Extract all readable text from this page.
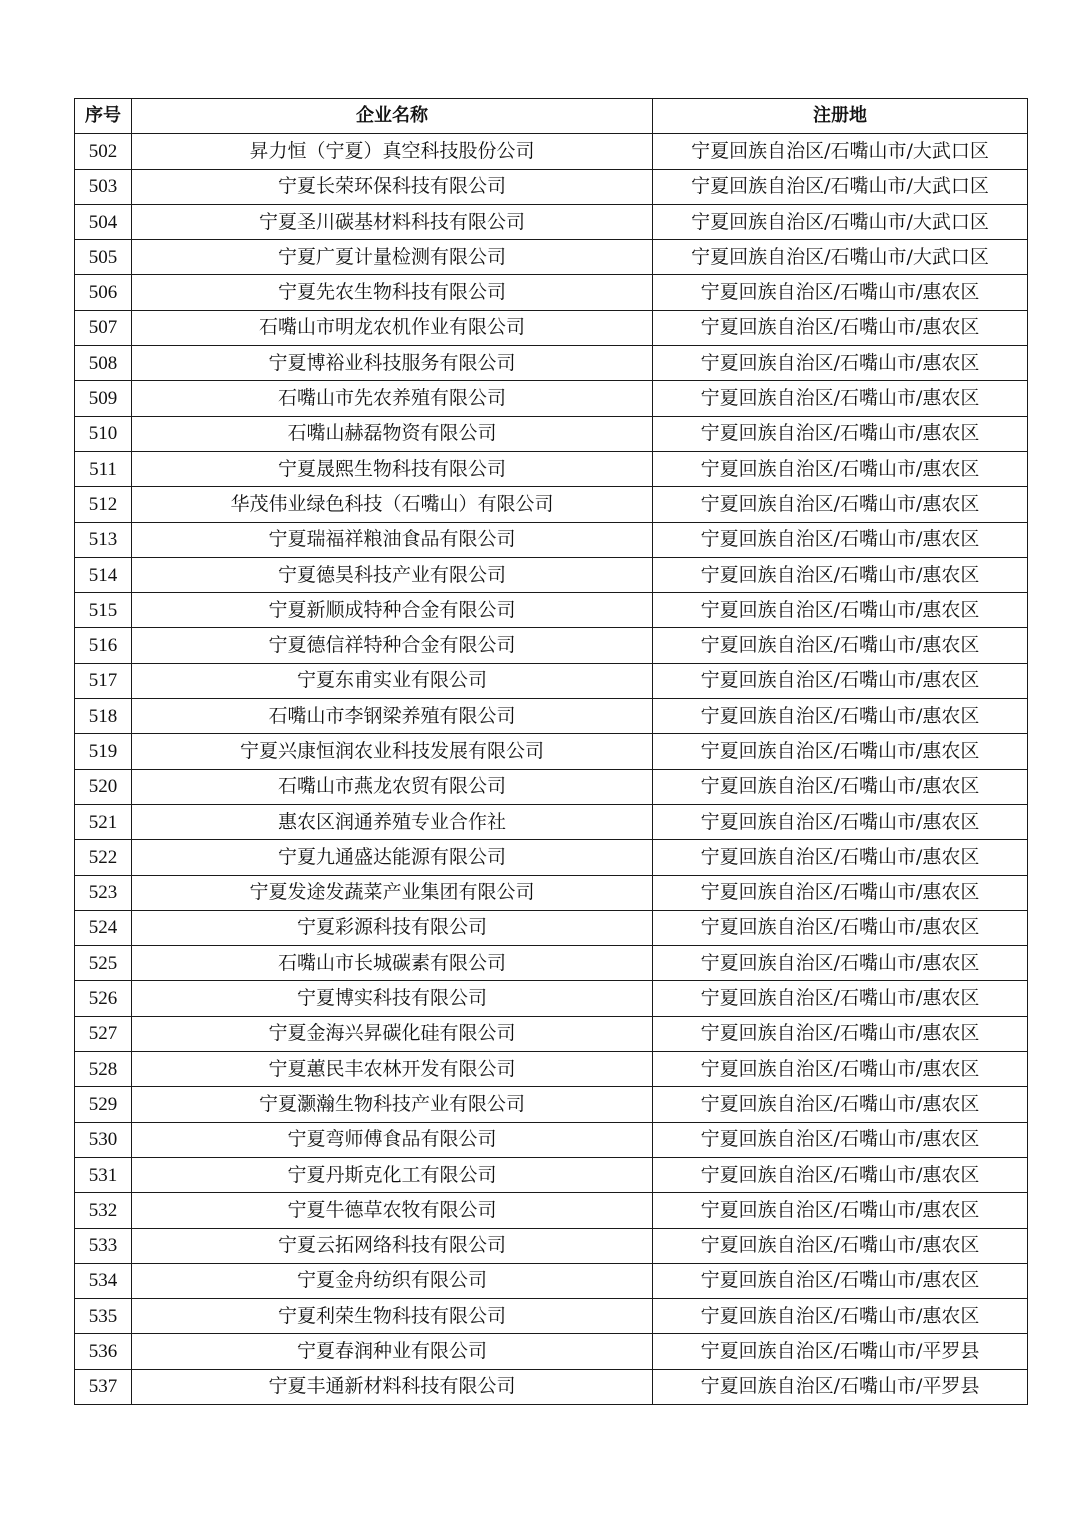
序号	企业名称	注册地
502	昇力恒（宁夏）真空科技股份公司	宁夏回族自治区/石嘴山市/大武口区
503	宁夏长荣环保科技有限公司	宁夏回族自治区/石嘴山市/大武口区
504	宁夏圣川碳基材料科技有限公司	宁夏回族自治区/石嘴山市/大武口区
505	宁夏广夏计量检测有限公司	宁夏回族自治区/石嘴山市/大武口区
506	宁夏先农生物科技有限公司	宁夏回族自治区/石嘴山市/惠农区
507	石嘴山市明龙农机作业有限公司	宁夏回族自治区/石嘴山市/惠农区
508	宁夏博裕业科技服务有限公司	宁夏回族自治区/石嘴山市/惠农区
509	石嘴山市先农养殖有限公司	宁夏回族自治区/石嘴山市/惠农区
510	石嘴山赫磊物资有限公司	宁夏回族自治区/石嘴山市/惠农区
511	宁夏晟熙生物科技有限公司	宁夏回族自治区/石嘴山市/惠农区
512	华茂伟业绿色科技（石嘴山）有限公司	宁夏回族自治区/石嘴山市/惠农区
513	宁夏瑞福祥粮油食品有限公司	宁夏回族自治区/石嘴山市/惠农区
514	宁夏德昊科技产业有限公司	宁夏回族自治区/石嘴山市/惠农区
515	宁夏新顺成特种合金有限公司	宁夏回族自治区/石嘴山市/惠农区
516	宁夏德信祥特种合金有限公司	宁夏回族自治区/石嘴山市/惠农区
517	宁夏东甫实业有限公司	宁夏回族自治区/石嘴山市/惠农区
518	石嘴山市李钢梁养殖有限公司	宁夏回族自治区/石嘴山市/惠农区
519	宁夏兴康恒润农业科技发展有限公司	宁夏回族自治区/石嘴山市/惠农区
520	石嘴山市燕龙农贸有限公司	宁夏回族自治区/石嘴山市/惠农区
521	惠农区润通养殖专业合作社	宁夏回族自治区/石嘴山市/惠农区
522	宁夏九通盛达能源有限公司	宁夏回族自治区/石嘴山市/惠农区
523	宁夏发途发蔬菜产业集团有限公司	宁夏回族自治区/石嘴山市/惠农区
524	宁夏彩源科技有限公司	宁夏回族自治区/石嘴山市/惠农区
525	石嘴山市长城碳素有限公司	宁夏回族自治区/石嘴山市/惠农区
526	宁夏博实科技有限公司	宁夏回族自治区/石嘴山市/惠农区
527	宁夏金海兴昇碳化硅有限公司	宁夏回族自治区/石嘴山市/惠农区
528	宁夏蕙民丰农林开发有限公司	宁夏回族自治区/石嘴山市/惠农区
529	宁夏灏瀚生物科技产业有限公司	宁夏回族自治区/石嘴山市/惠农区
530	宁夏弯师傅食品有限公司	宁夏回族自治区/石嘴山市/惠农区
531	宁夏丹斯克化工有限公司	宁夏回族自治区/石嘴山市/惠农区
532	宁夏牛德草农牧有限公司	宁夏回族自治区/石嘴山市/惠农区
533	宁夏云拓网络科技有限公司	宁夏回族自治区/石嘴山市/惠农区
534	宁夏金舟纺织有限公司	宁夏回族自治区/石嘴山市/惠农区
535	宁夏利荣生物科技有限公司	宁夏回族自治区/石嘴山市/惠农区
536	宁夏春润种业有限公司	宁夏回族自治区/石嘴山市/平罗县
537	宁夏丰通新材料科技有限公司	宁夏回族自治区/石嘴山市/平罗县
